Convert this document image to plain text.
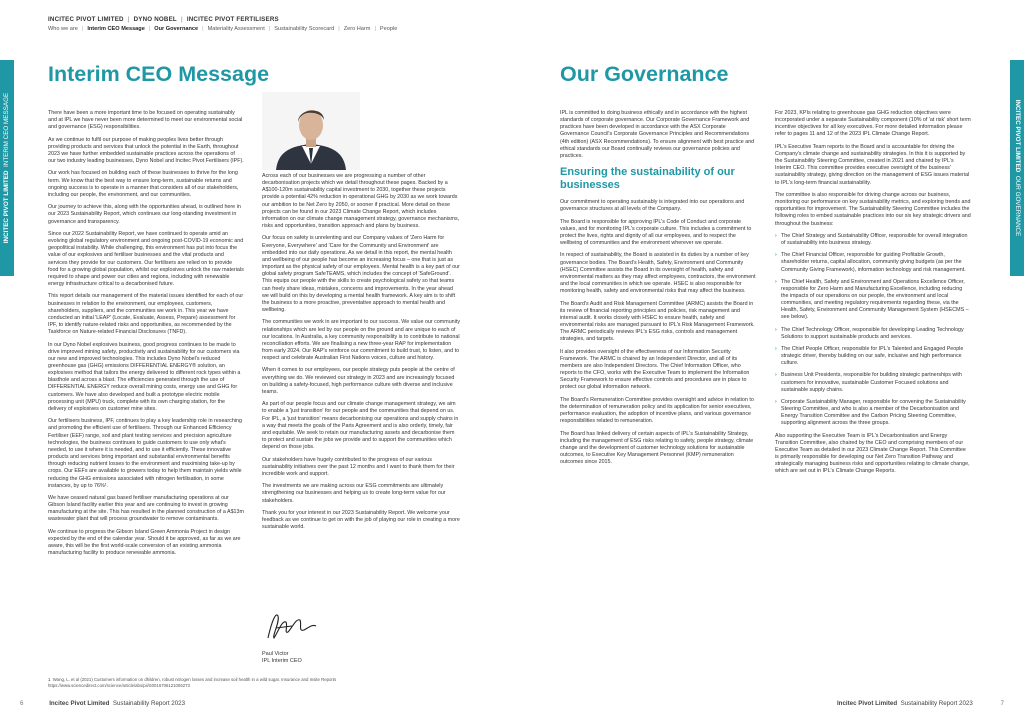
INCITEC PIVOT LIMITED | DYNO NOBEL | INCITEC PIVOT FERTILISERS
Who we are | Interim CEO Message | Our Governance | Materiality Assessment | Sustainability Scorecard | Zero Harm | People
INCITEC PIVOT LIMITED  INTERIM CEO MESSAGE	INCITEC PIVOT LIMITED  OUR GOVERNANCE
Interim CEO Message	Our Governance

There have been a more important time to be focused on operating sustainably and at IPL we have never been more determined to meet our environmental social and governance (ESG) responsibilities.

As we continue to fulfil our purpose of making peoples lives better through providing products and services that unlock the potential in the Earth, throughout 2023 we have further embedded sustainable practices across the operations of our two industry leading businesses, Dyno Nobel and Incitec Pivot Fertilisers (IPF).

Our work has focused on building each of these businesses to thrive for the long term. We know that the best way to ensure long-term, sustainable returns and ongoing success is to operate in a manner that considers all of our stakeholders, including our people, the environment, and our communities.

Our journey to achieve this, along with the opportunities ahead, is outlined here in our 2023 Sustainability Report, which continues our long-standing investment in governance and transparency.

Since our 2022 Sustainability Report, we have continued to operate amid an evolving global regulatory environment and ongoing post-COVID-19 economic and geopolitical instability. While challenging, this environment has put into focus the value of our explosives and fertiliser businesses and the vital products and services they provide for our customers. Our fertilisers are relied on to provide food for a growing global population, whilst our explosives unlock the raw materials required to shape and power our cities and regions, including with renewable energy infrastructure critical to a decarbonised future.

This report details our management of the material issues identified for each of our businesses in relation to the environment, our employees, customers, shareholders, suppliers, and the communities we work in. This year we have conducted an initial 'LEAP' (Locate, Evaluate, Assess, Prepare) assessment for IPF, to identify nature-related risks and opportunities, as recommended by the Taskforce on Nature-related Financial Disclosures (TNFD).

In our Dyno Nobel explosives business, good progress continues to be made to drive improved mining safety, productivity and sustainability for our customers via our new and improved technologies. This includes Dyno Nobel's reduced greenhouse gas (GHG) emissions DIFFERENTIAL ENERGY® solution, an explosives method that tailors the energy delivered to different rock types within a blasthole and across a blast. The efficiencies generated through the use of DIFFERENTIAL ENERGY reduce overall mining costs, energy use and GHG for customers. We have also developed and built a prototype electric mobile processing unit (MPU) truck, complete with its own charging station, for the delivery of explosives on customer mine sites.

Our fertilisers business, IPF, continues to play a key leadership role in researching and promoting the efficient use of fertilisers. Through our Enhanced Efficiency Fertiliser (EEF) range, soil and plant testing services and precision agriculture technologies, the business continues to guide customers to use only what's needed, to use it where it is needed, and to use it efficiently. These innovative products and services bring important and substantial environmental benefits through reducing nutrient losses to the environment and maximising take-up by crops. Our EEFs are available to growers today to help them maintain yields while reducing the GHG emissions associated with nitrogen fertilisation, in some instances, by up to 76%¹.

We have ceased natural gas based fertiliser manufacturing operations at our Gibson Island facility earlier this year and are continuing to invest in growing manufacturing at the site. This has resulted in the planned construction of a A$13m wastewater plant that will process groundwater to remove contaminants.

We continue to progress the Gibson Island Green Ammonia Project in design expected by the end of the calendar year. Should it be approved, as far as we are aware, this will be the first world-scale conversion of an existing ammonia manufacturing facility to produce renewable ammonia.

Across each of our businesses we are progressing a number of other decarbonisation projects which we detail throughout these pages. Backed by a A$100-120m sustainability capital investment to 2030, together these projects provide a potential 42% reduction in operational GHG by 2030 as we work towards our ambition to be Net Zero by 2050, or sooner if practical. More detail on these projects can be found in our 2023 Climate Change Report, which includes information on our climate change management strategy, governance mechanisms, risks and opportunities, transition approach and plans by business.

Our focus on safety is unrelenting and our Company values of 'Zero Harm for Everyone, Everywhere' and 'Care for the Community and Environment' are embedded into our daily operations. As we detail in this report, the mental health and wellbeing of our people has become an increasing focus – one that is just as important as the physical safety of our employees. Mental health is a key part of our global safety program SafeTEAMS, which includes the concept of 'SafeGround'. This equips our people with the skills to create psychological safety so that teams can freely share ideas, mistakes, concerns and improvements. In the year ahead we will build on this by developing a mental health framework. A key aim is to shift the business to a more proactive, preventative approach to mental health and wellbeing.

The communities we work in are important to our success. We value our community relationships which are led by our people on the ground and are unique to each of our locations. In Australia, a key community responsibility is to contribute to national reconciliation efforts. We are finalising a new three-year RAP for implementation from early 2024. Our RAP's reinforce our commitment to build trust, to listen, and to respect and celebrate Australian First Nations voices, culture and history.

When it comes to our employees, our people strategy puts people at the centre of everything we do. We reviewed our strategy in 2023 and are increasingly focused on building a safety-focused, high performance culture with diverse and inclusive teams.

As part of our people focus and our climate change management strategy, we aim to enable a 'just transition' for our people and the communities that depend on us. For IPL, a 'just transition' means decarbonising our operations and supply chains in a way that meets the goals of the Paris Agreement and is also orderly, timely, fair and equitable. We seek to retain our manufacturing assets and decarbonise them to protect and sustain the jobs we provide and to support the communities which depend on those jobs.

Our stakeholders have hugely contributed to the progress of our various sustainability initiatives over the past 12 months and I want to thank them for their incredible work and support.

The investments we are making across our ESG commitments are ultimately strengthening our businesses and helping us to create long-term value for our stakeholders.

Thank you for your interest in our 2023 Sustainability Report. We welcome your feedback as we continue to get on with the job of playing our role in creating a more sustainable world.

Paul Victor
IPL Interim CEO
1 Wang, L. et al (2021) Customers information on dhildren, robust nitrogen losses and increase soil health in a wild sugar. Insurance and Insite Reports
https://www.sciencedirect.com/science/article/abs/pii/S0016706121006273

IPL is committed to doing business ethically and in accordance with the highest standards of corporate governance. Our Corporate Governance Framework and practices have been developed in accordance with the ASX Corporate Governance Council's Corporate Governance Principles and Recommendations (4th edition) (ASX Recommendations). To ensure alignment with best practice and ethical standards our Board continually reviews our governance policies and practices.

Ensuring the sustainability of our businesses

Our commitment to operating sustainably is integrated into our operations and governance structures at all levels of the Company.

The Board is responsible for approving IPL's Code of Conduct and corporate values, and for monitoring IPL's corporate culture. This includes a commitment to protect the lives, rights and dignity of all our employees, and to respect the wellbeing of communities and the environment wherever we operate.

In respect of sustainability, the Board is assisted in its duties by a number of key governance bodies. The Board's Health, Safety, Environment and Community (HSEC) Committee assists the Board in its oversight of health, safety and environmental matters as they may affect employees, contractors, the environment and the local communities in which we operate. HSEC is also responsible for monitoring health, safety and environmental risks that may affect the business.

The Board's Audit and Risk Management Committee (ARMC) assists the Board in its review of financial reporting principles and policies, risk management and internal audit. It works closely with HSEC to ensure health, safety and environmental risks are managed pursuant to IPL's Risk Management Framework. The ARMC periodically reviews IPL's ESG risks, controls and management strategies, and targets.

It also provides oversight of the effectiveness of our Information Security Framework. The ARMC is chaired by an Independent Director, and all of its members are also Independent Directors. The Chief Information Officer, who reports to the CFO, works with the Executive Team to implement the Information Security Framework to ensure effective controls and procedures are in place to protect our global information network.

The Board's Remuneration Committee provides oversight and advice in relation to the determination of remuneration policy and its application for senior executives, performance evaluation, the adoption of incentive plans, and various governance responsibilities related to remuneration.

The Board has linked delivery of certain aspects of IPL's Sustainability Strategy, including the management of ESG risks relating to safety, people strategy, climate change and the development of customer technology solutions for sustainable outcomes, to Executive Key Management Personnel (KMP) remuneration outcomes since 2015.

For 2023, KPIs relating to greenhouse gas GHG reduction objectives were incorporated under a separate Sustainability component (10% of 'at risk' short term incentive objectives for all key executives. For more detailed information please refer to pages 11 and 12 of the 2023 IPL Climate Change Report.

IPL's Executive Team reports to the Board and is accountable for driving the Company's climate change and sustainability strategies. In this it is supported by the Sustainability Steering Committee, created in 2021 and chaired by IPL's Interim CEO. This committee provides executive oversight of the business' sustainability strategy, giving direction on the management of ESG issues material to IPL's long-term financial sustainability.

The committee is also responsible for driving change across our business, monitoring our performance on key sustainability metrics, and exploring trends and opportunities for improvement. The Sustainability Steering Committee includes the following roles to embed sustainable practices into our six key strategic drivers and throughout the business:

› The Chief Strategy and Sustainability Officer, responsible for overall integration of sustainability into business strategy.
› The Chief Financial Officer, responsible for guiding Profitable Growth, shareholder returns, capital allocation, community giving budgets (as per the Community Giving Framework), information technology and risk management.
› The Chief Health, Safety and Environment and Operations Excellence Officer, responsible for Zero Harm and Manufacturing Excellence, including reducing the impacts of our operations on our people, the environment and local communities, and meeting regulatory requirements regarding these, via the Health, Safety, Environment and Community Management System (HSECMS – see below).
› The Chief Technology Officer, responsible for developing Leading Technology Solutions to support sustainable products and services.
› The Chief People Officer, responsible for IPL's Talented and Engaged People strategic driver, thereby building on our safe, inclusive and high performance culture.
› Business Unit Presidents, responsible for building strategic partnerships with customers for innovative, sustainable Customer Focused solutions and sustainable supply chains.
› Corporate Sustainability Manager, responsible for convening the Sustainability Steering Committee, and who is also a member of the Decarbonisation and Energy Transition Committee and the Carbon Pricing Steering Committee, supporting alignment across the three groups.

Also supporting the Executive Team is IPL's Decarbonisation and Energy Transition Committee, also chaired by the CEO and comprising members of our Executive Team as detailed in our 2023 Climate Change Report. This Committee is primarily responsible for developing our Net Zero Transition Pathway and strategically managing business risks and opportunities relating to climate change, which are set out in IPL's Climate Change Reports.

6	Incitec Pivot Limited Sustainability Report 2023	Incitec Pivot Limited Sustainability Report 2023	7
